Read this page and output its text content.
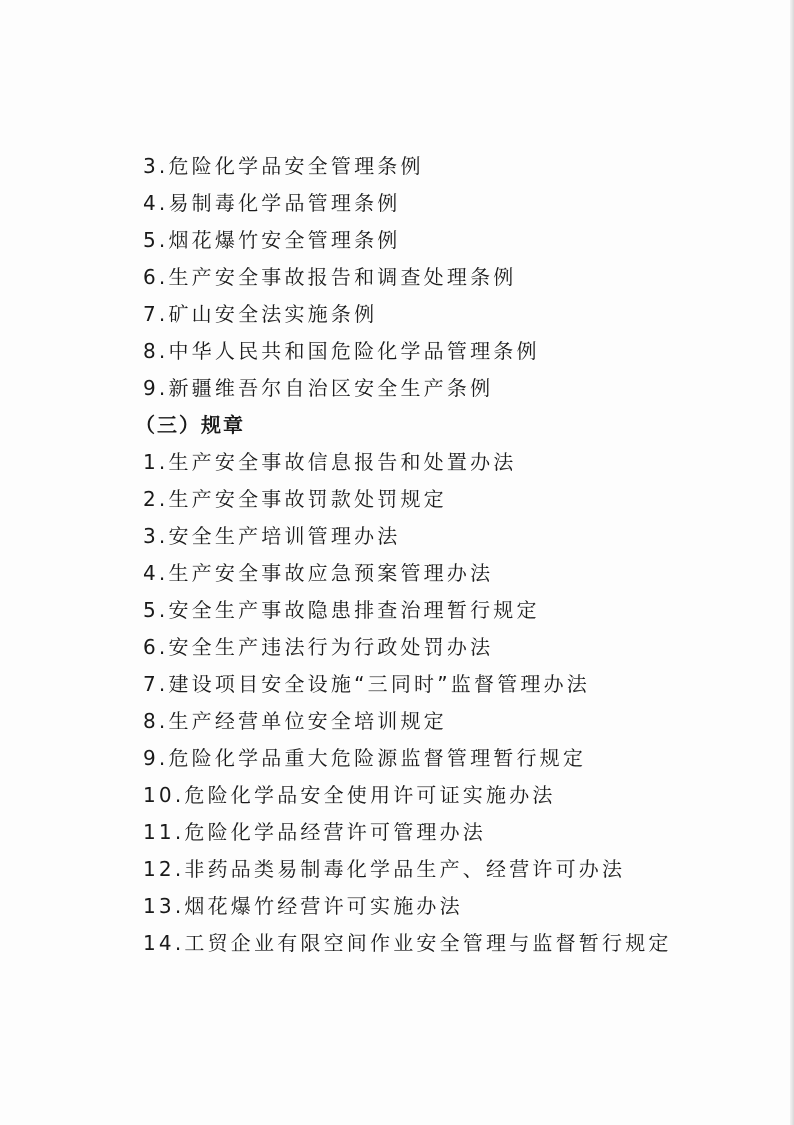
3.危险化学品安全管理条例
4.易制毒化学品管理条例
5.烟花爆竹安全管理条例
6.生产安全事故报告和调查处理条例
7.矿山安全法实施条例
8.中华人民共和国危险化学品管理条例
9.新疆维吾尔自治区安全生产条例
（三）规章
1.生产安全事故信息报告和处置办法
2.生产安全事故罚款处罚规定
3.安全生产培训管理办法
4.生产安全事故应急预案管理办法
5.安全生产事故隐患排查治理暂行规定
6.安全生产违法行为行政处罚办法
7.建设项目安全设施“三同时”监督管理办法
8.生产经营单位安全培训规定
9.危险化学品重大危险源监督管理暂行规定
10.危险化学品安全使用许可证实施办法
11.危险化学品经营许可管理办法
12.非药品类易制毒化学品生产、经营许可办法
13.烟花爆竹经营许可实施办法
14.工贸企业有限空间作业安全管理与监督暂行规定
